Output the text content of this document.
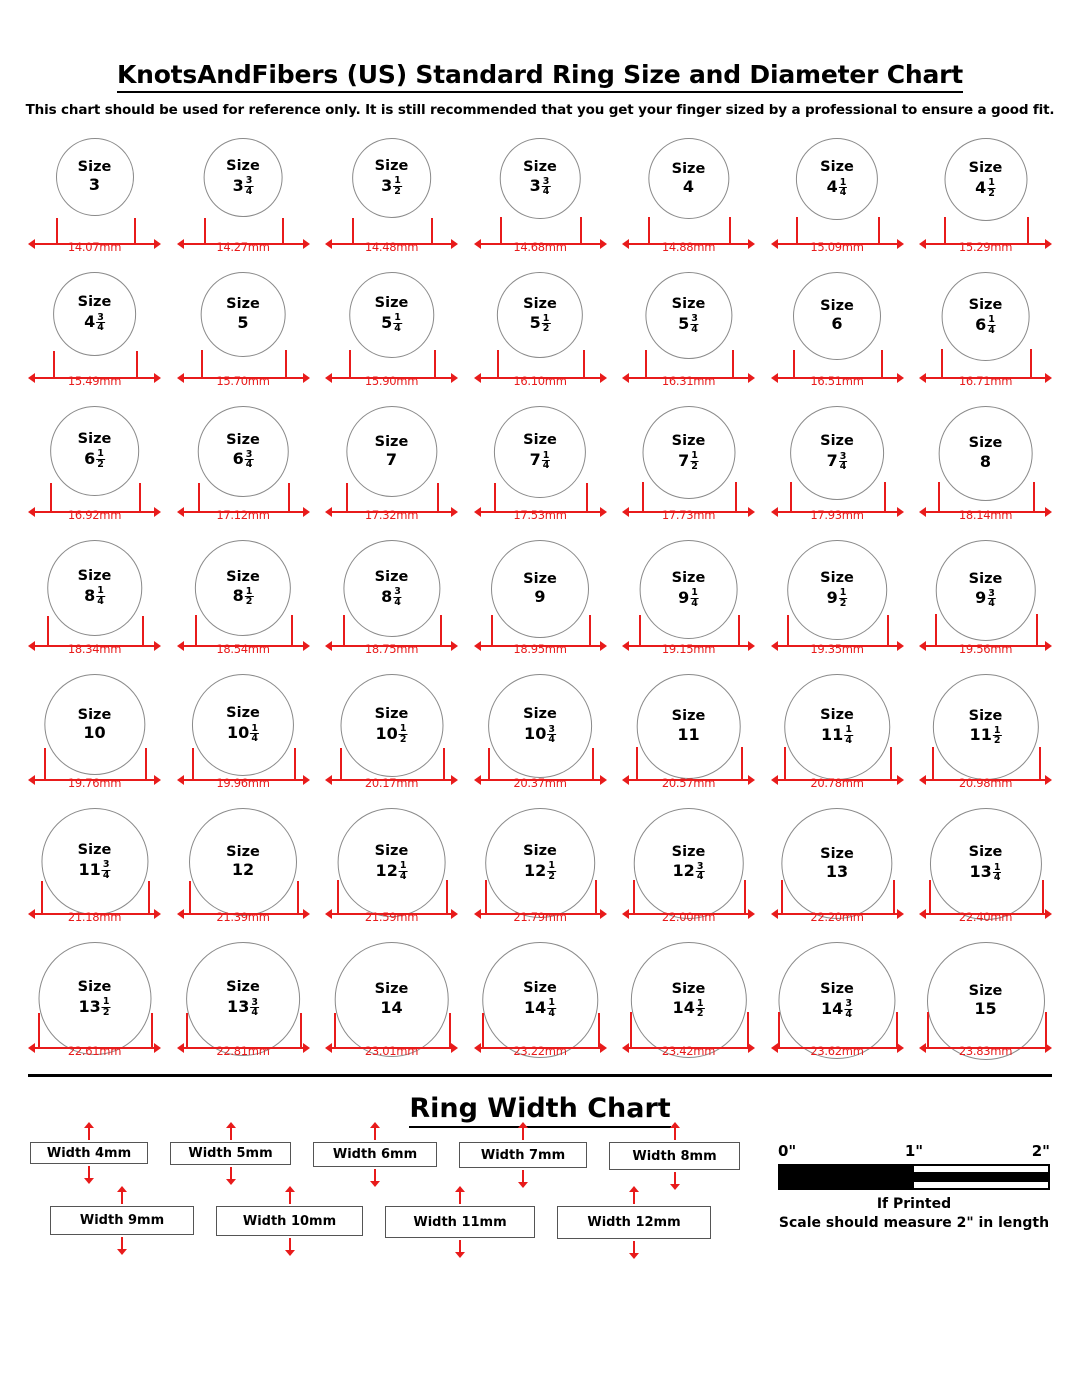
KnotsAndFibers (US) Standard Ring Size and Diameter Chart
This chart should be used for reference only. It is still recommended that you get your finger sized by a professional to ensure a good fit.
Size
3
14.07mm
Size
$3 \frac{3}{4}$
14.27mm
Size
$3 \frac{1}{2}$
14.48mm
Size
$3 \frac{3}{4}$
14.68mm
Size
4
14.88mm
Size
$4 \frac{1}{4}$
15.09mm
Size
$4 \frac{1}{2}$
15.29mm
Size
$4 \frac{3}{4}$
15.49mm
Size
5
15.70mm
Size
$5 \frac{1}{4}$
15.90mm
Size
$5 \frac{1}{2}$
16.10mm
Size
$5 \frac{3}{4}$
16.31mm
Size
6
16.51mm
Size
$6 \frac{1}{4}$
16.71mm
Size
$6 \frac{1}{2}$
16.92mm
Size
$6 \frac{3}{4}$
17.12mm
Size
7
17.32mm
Size
$7 \frac{1}{4}$
17.53mm
Size
$7 \frac{1}{2}$
17.73mm
Size
$7 \frac{3}{4}$
17.93mm
Size
8
18.14mm
Size
$8 \frac{1}{4}$
18.34mm
Size
$8 \frac{1}{2}$
18.54mm
Size
$8 \frac{3}{4}$
18.75mm
Size
9
18.95mm
Size
$9 \frac{1}{4}$
19.15mm
Size
$9 \frac{1}{2}$
19.35mm
Size
$9 \frac{3}{4}$
19.56mm
Size
10
19.76mm
Size
$10 \frac{1}{4}$
19.96mm
Size
$10 \frac{1}{2}$
20.17mm
Size
$10 \frac{3}{4}$
20.37mm
Size
11
20.57mm
Size
$11 \frac{1}{4}$
20.78mm
Size
$11 \frac{1}{2}$
20.98mm
Size
$11 \frac{3}{4}$
21.18mm
Size
12
21.39mm
Size
$12 \frac{1}{4}$
21.59mm
Size
$12 \frac{1}{2}$
21.79mm
Size
$12 \frac{3}{4}$
22.00mm
Size
13
22.20mm
Size
$13 \frac{1}{4}$
22.40mm
Size
$13 \frac{1}{2}$
22.61mm
Size
$13 \frac{3}{4}$
22.81mm
Size
14
23.01mm
Size
$14 \frac{1}{4}$
23.22mm
Size
$14 \frac{1}{2}$
23.42mm
Size
$14 \frac{3}{4}$
23.62mm
Size
15
23.83mm
Ring Width Chart
Width 4mm	Width 5mm	Width 6mm	Width 7mm	Width 8mm
Width 9mm	Width 10mm	Width 11mm	Width 12mm
0"	1"	2"
If Printed
Scale should measure 2" in length
